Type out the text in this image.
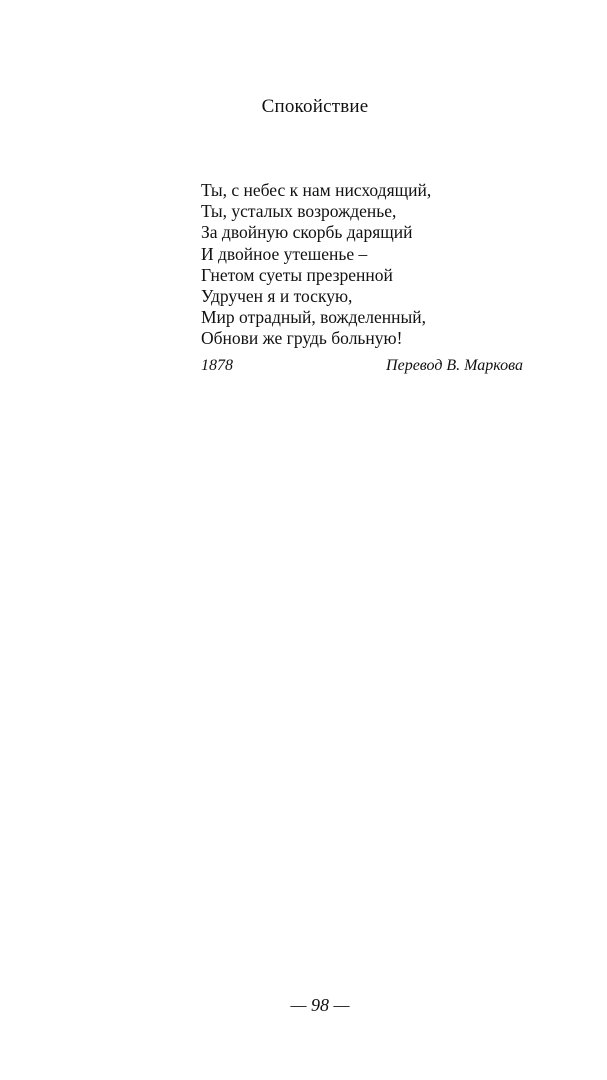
Спокойствие
Ты, с небес к нам нисходящий,
Ты, усталых возрожденье,
За двойную скорбь дарящий
И двойное утешенье –
Гнетом суеты презренной
Удручен я и тоскую,
Мир отрадный, вожделенный,
Обнови же грудь больную!
1878	Перевод В. Маркова
— 98 —
